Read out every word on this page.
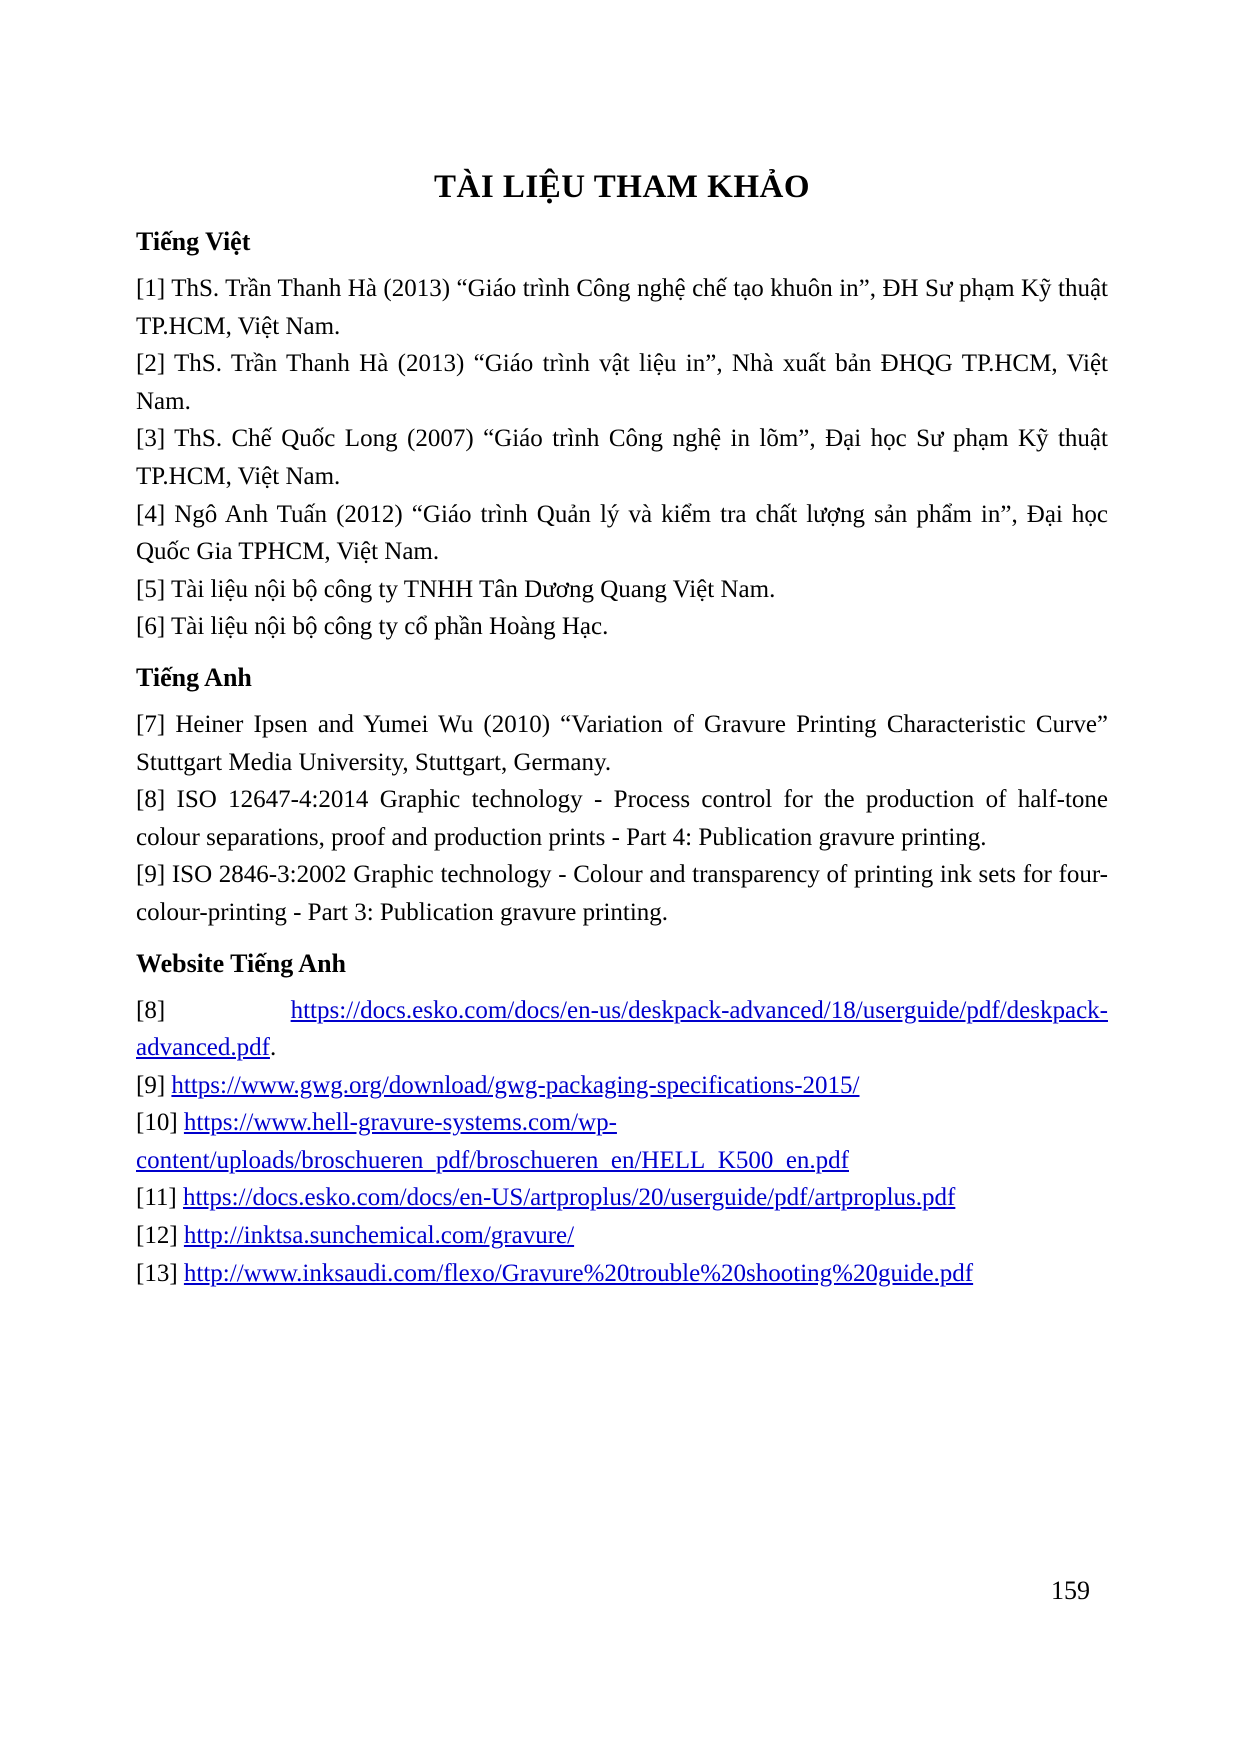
TÀI LIỆU THAM KHẢO
Tiếng Việt

[1] ThS. Trần Thanh Hà (2013) “Giáo trình Công nghệ chế tạo khuôn in”, ĐH Sư phạm Kỹ thuật TP.HCM, Việt Nam.

[2] ThS. Trần Thanh Hà (2013) “Giáo trình vật liệu in”, Nhà xuất bản ĐHQG TP.HCM, Việt Nam.

[3] ThS. Chế Quốc Long (2007) “Giáo trình Công nghệ in lõm”, Đại học Sư phạm Kỹ thuật TP.HCM, Việt Nam.

[4] Ngô Anh Tuấn (2012) “Giáo trình Quản lý và kiểm tra chất lượng sản phẩm in”, Đại học Quốc Gia TPHCM, Việt Nam.

[5] Tài liệu nội bộ công ty TNHH Tân Dương Quang Việt Nam.

[6] Tài liệu nội bộ công ty cổ phần Hoàng Hạc.

Tiếng Anh

[7] Heiner Ipsen and Yumei Wu (2010) “Variation of Gravure Printing Characteristic Curve” Stuttgart Media University, Stuttgart, Germany.

[8] ISO 12647-4:2014 Graphic technology - Process control for the production of half-tone colour separations, proof and production prints - Part 4: Publication gravure printing.

[9] ISO 2846-3:2002 Graphic technology - Colour and transparency of printing ink sets for four-colour-printing - Part 3: Publication gravure printing.

Website Tiếng Anh

[8]	https://docs.esko.com/docs/en-us/deskpack-advanced/18/userguide/pdf/deskpack-advanced.pdf.

[9] https://www.gwg.org/download/gwg-packaging-specifications-2015/

[10] https://www.hell-gravure-systems.com/wp-
content/uploads/broschueren_pdf/broschueren_en/HELL_K500_en.pdf

[11] https://docs.esko.com/docs/en-US/artproplus/20/userguide/pdf/artproplus.pdf

[12] http://inktsa.sunchemical.com/gravure/

[13] http://www.inksaudi.com/flexo/Gravure%20trouble%20shooting%20guide.pdf

159
